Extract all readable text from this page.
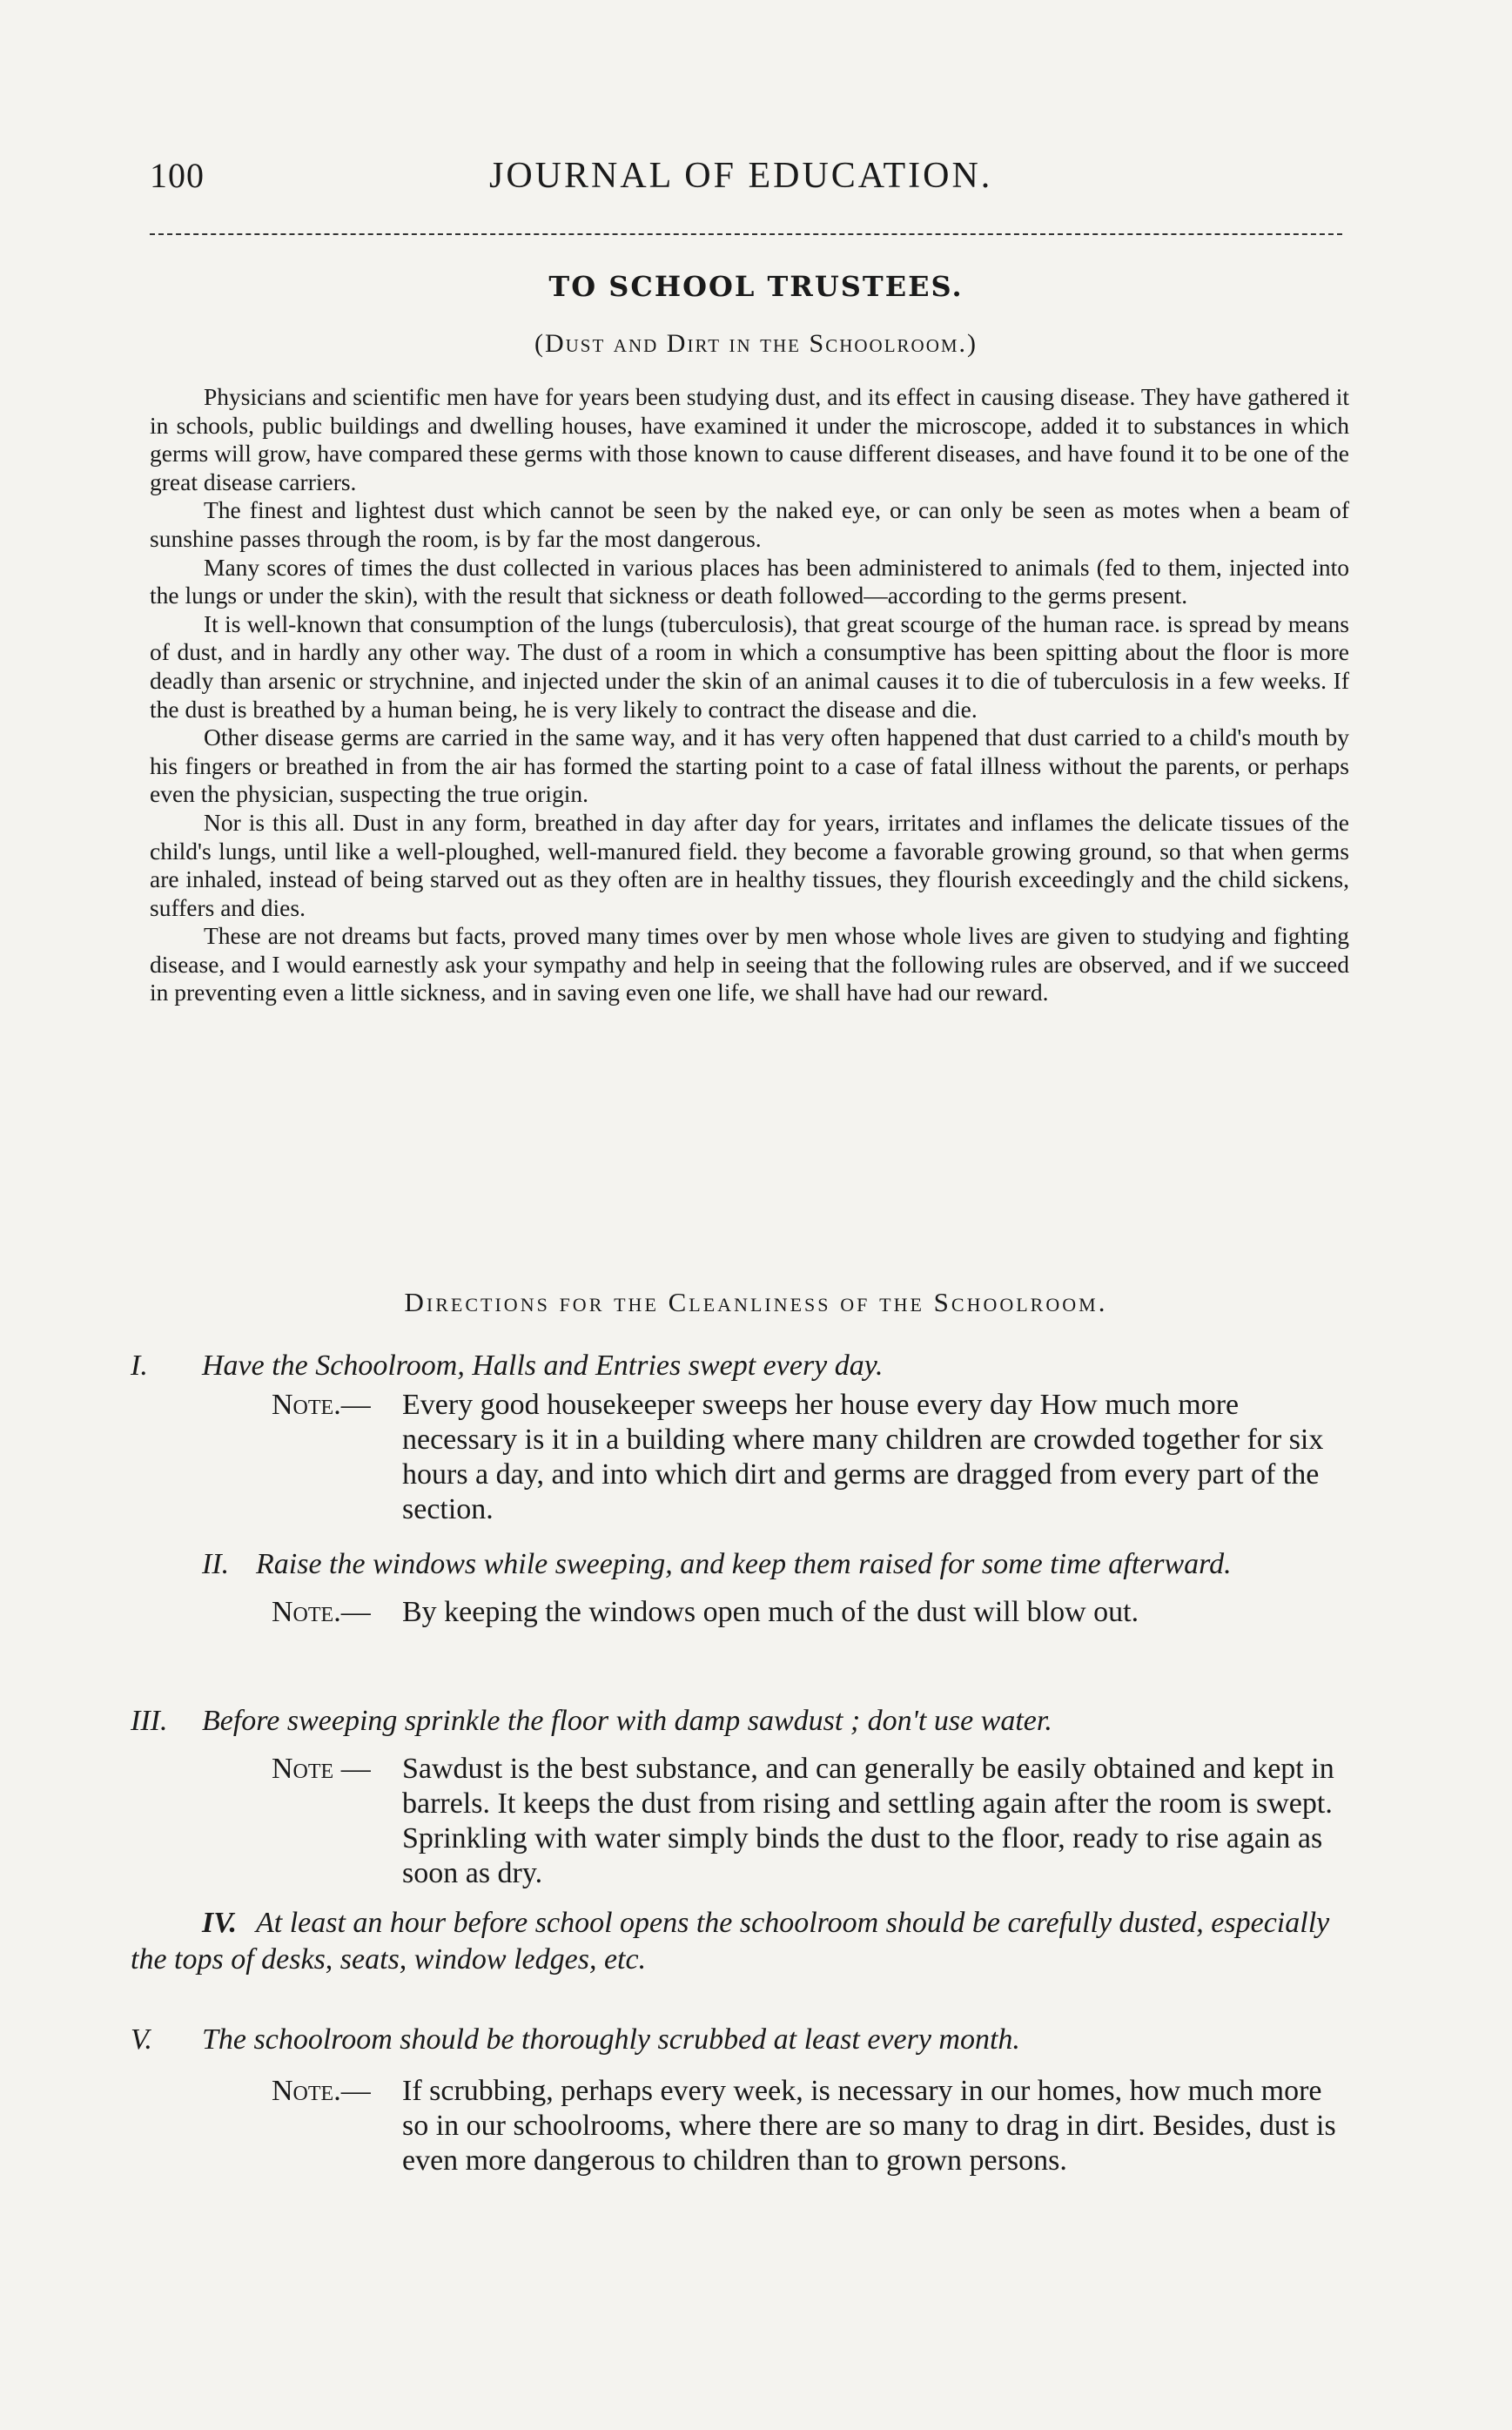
100	JOURNAL OF EDUCATION.
TO SCHOOL TRUSTEES.
(Dust and Dirt in the Schoolroom.)

Physicians and scientific men have for years been studying dust, and its effect in causing disease. They have gathered it in schools, public buildings and dwelling houses, have examined it under the microscope, added it to substances in which germs will grow, have compared these germs with those known to cause different diseases, and have found it to be one of the great disease carriers.

The finest and lightest dust which cannot be seen by the naked eye, or can only be seen as motes when a beam of sunshine passes through the room, is by far the most dangerous.

Many scores of times the dust collected in various places has been administered to animals (fed to them, injected into the lungs or under the skin), with the result that sickness or death followed—according to the germs present.

It is well-known that consumption of the lungs (tuberculosis), that great scourge of the human race. is spread by means of dust, and in hardly any other way. The dust of a room in which a consumptive has been spitting about the floor is more deadly than arsenic or strychnine, and injected under the skin of an animal causes it to die of tuberculosis in a few weeks. If the dust is breathed by a human being, he is very likely to contract the disease and die.

Other disease germs are carried in the same way, and it has very often happened that dust carried to a child's mouth by his fingers or breathed in from the air has formed the starting point to a case of fatal illness without the parents, or perhaps even the physician, suspecting the true origin.

Nor is this all. Dust in any form, breathed in day after day for years, irritates and inflames the delicate tissues of the child's lungs, until like a well-ploughed, well-manured field. they become a favorable growing ground, so that when germs are inhaled, instead of being starved out as they often are in healthy tissues, they flourish exceedingly and the child sickens, suffers and dies.

These are not dreams but facts, proved many times over by men whose whole lives are given to studying and fighting disease, and I would earnestly ask your sympathy and help in seeing that the following rules are observed, and if we succeed in preventing even a little sickness, and in saving even one life, we shall have had our reward.

Directions for the Cleanliness of the Schoolroom.

I. Have the Schoolroom, Halls and Entries swept every day.

Note.— Every good housekeeper sweeps her house every day How much more necessary is it in a building where many children are crowded together for six hours a day, and into which dirt and germs are dragged from every part of the section.

II. Raise the windows while sweeping, and keep them raised for some time afterward.

Note.— By keeping the windows open much of the dust will blow out.

III. Before sweeping sprinkle the floor with damp sawdust ; don't use water.

Note — Sawdust is the best substance, and can generally be easily obtained and kept in barrels. It keeps the dust from rising and settling again after the room is swept. Sprinkling with water simply binds the dust to the floor, ready to rise again as soon as dry.

IV. At least an hour before school opens the schoolroom should be carefully dusted, especially the tops of desks, seats, window ledges, etc.

V. The schoolroom should be thoroughly scrubbed at least every month.

Note.— If scrubbing, perhaps every week, is necessary in our homes, how much more so in our schoolrooms, where there are so many to drag in dirt. Besides, dust is even more dangerous to children than to grown persons.
